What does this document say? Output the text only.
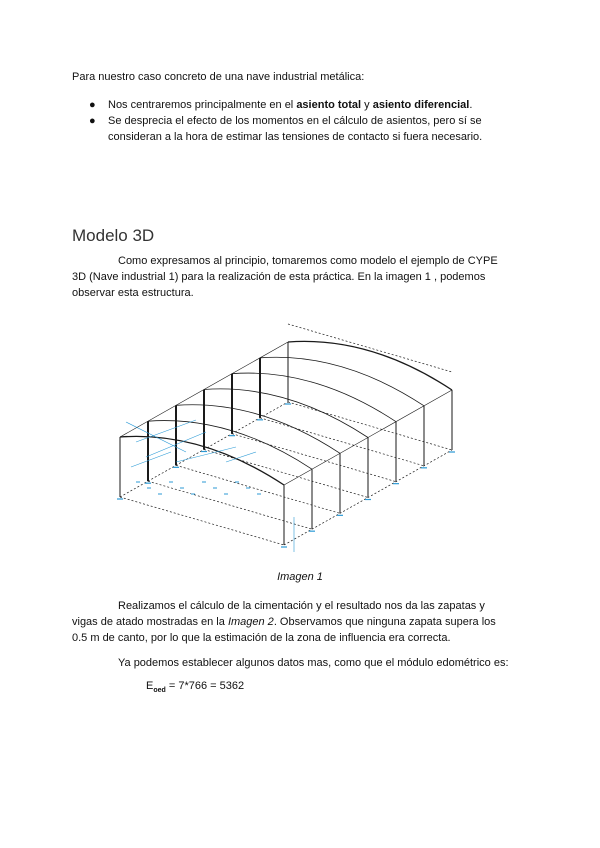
Para nuestro caso concreto de una nave industrial metálica:
● Nos centraremos principalmente en el asiento total y asiento diferencial.
● Se desprecia el efecto de los momentos en el cálculo de asientos, pero sí se consideran a la hora de estimar las tensiones de contacto si fuera necesario.
Modelo 3D
Como expresamos al principio, tomaremos como modelo el ejemplo de CYPE 3D (Nave industrial 1) para la realización de esta práctica. En la imagen 1 , podemos observar esta estructura.
Imagen 1
Realizamos el cálculo de la cimentación y el resultado nos da las zapatas y vigas de atado mostradas en la Imagen 2. Observamos que ninguna zapata supera los 0.5 m de canto, por lo que la estimación de la zona de influencia era correcta.
Ya podemos establecer algunos datos mas, como que el módulo edométrico es:
$E_{oed} = 7*766 = 5362$
